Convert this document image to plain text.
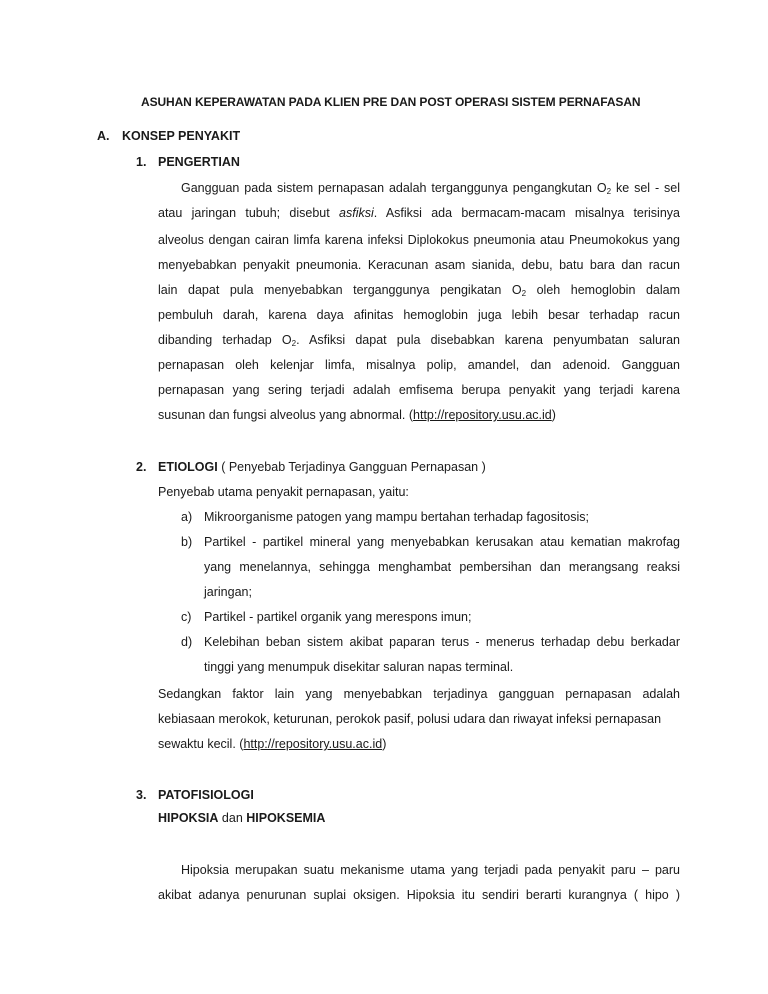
ASUHAN KEPERAWATAN PADA KLIEN PRE DAN POST OPERASI SISTEM PERNAFASAN
A. KONSEP PENYAKIT
1. PENGERTIAN
Gangguan pada sistem pernapasan adalah terganggunya pengangkutan $O_2$ ke sel - sel
atau jaringan tubuh; disebut asfiksi. Asfiksi ada bermacam-macam misalnya terisinya
alveolus dengan cairan limfa karena infeksi Diplokokus pneumonia atau Pneumokokus yang
menyebabkan penyakit pneumonia. Keracunan asam sianida, debu, batu bara dan racun
lain dapat pula menyebabkan terganggunya pengikatan $O_2$ oleh hemoglobin dalam
pembuluh darah, karena daya afinitas hemoglobin juga lebih besar terhadap racun
dibanding terhadap $O_2$. Asfiksi dapat pula disebabkan karena penyumbatan saluran
pernapasan oleh kelenjar limfa, misalnya polip, amandel, dan adenoid. Gangguan
pernapasan yang sering terjadi adalah emfisema berupa penyakit yang terjadi karena
susunan dan fungsi alveolus yang abnormal. (http://repository.usu.ac.id)
2. ETIOLOGI ( Penyebab Terjadinya Gangguan Pernapasan )
Penyebab utama penyakit pernapasan, yaitu:
a) Mikroorganisme patogen yang mampu bertahan terhadap fagositosis;
b) Partikel - partikel mineral yang menyebabkan kerusakan atau kematian makrofag
yang menelannya, sehingga menghambat pembersihan dan merangsang reaksi
jaringan;
c) Partikel - partikel organik yang merespons imun;
d) Kelebihan beban sistem akibat paparan terus - menerus terhadap debu berkadar
tinggi yang menumpuk disekitar saluran napas terminal.
Sedangkan faktor lain yang menyebabkan terjadinya gangguan pernapasan adalah
kebiasaan merokok, keturunan, perokok pasif, polusi udara dan riwayat infeksi pernapasan
sewaktu kecil. (http://repository.usu.ac.id)
3. PATOFISIOLOGI
HIPOKSIA dan HIPOKSEMIA
Hipoksia merupakan suatu mekanisme utama yang terjadi pada penyakit paru – paru
akibat adanya penurunan suplai oksigen. Hipoksia itu sendiri berarti kurangnya ( hipo )
